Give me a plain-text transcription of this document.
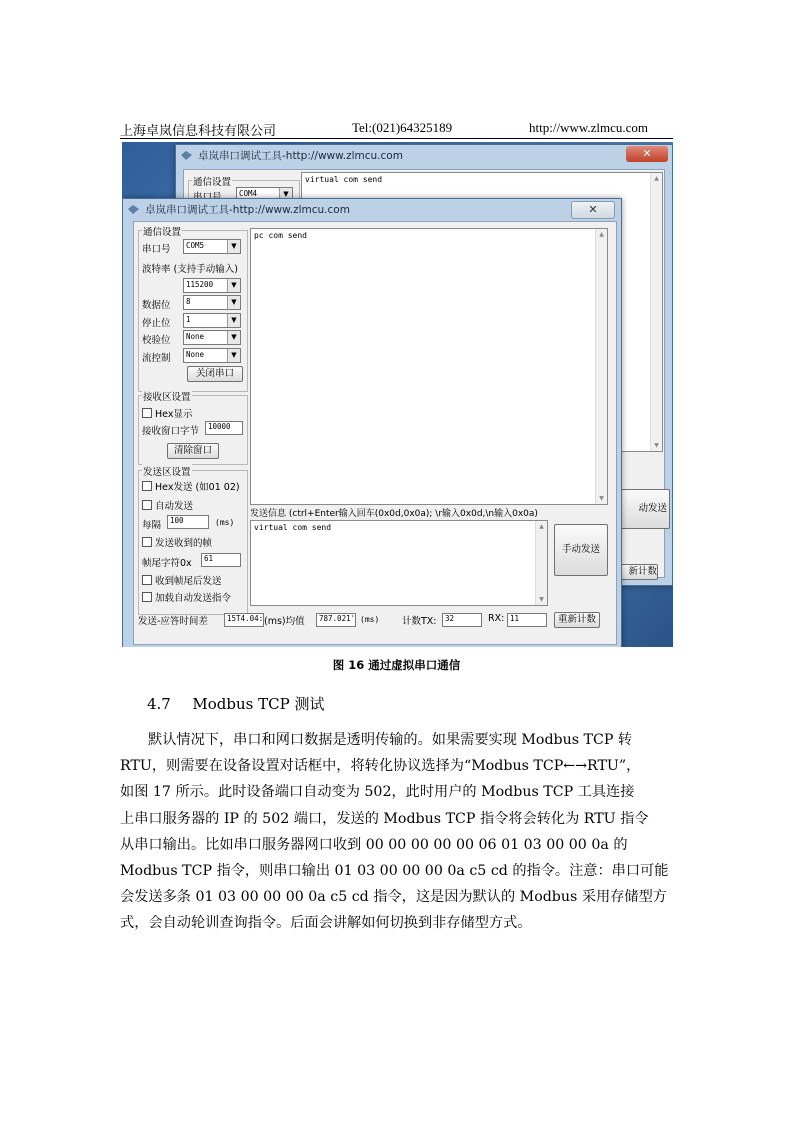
上海卓岚信息科技有限公司	Tel:(021)64325189	http://www.zlmcu.com
卓岚串口调试工具-http://www.zlmcu.com	✕
通信设置
COM4	▼
virtual com send	▲
▼
动发送
新计数
卓岚串口调试工具-http://www.zlmcu.com	✕
通信设置
串口号 COM5	▼
波特率 (支持手动输入)
115200	▼
数据位 8	▼
停止位 1	▼
校验位 None	▼
流控制 None	▼
关闭串口
接收区设置
Hex显示
接收窗口字节 10000
清除窗口
发送区设置
Hex发送 (如01 02)
自动发送
每隔 100	(ms)
发送收到的帧
帧尾字符0x 61
收到帧尾后发送
加载自动发送指令
pc com send	▲
▼
发送信息 (ctrl+Enter输入回车(0x0d,0x0a); \r输入0x0d,\n输入0x0a)
virtual com send	▲
▼
手动发送
发送-应答时间差	15T4.04: (ms)均值 787.021' (ms) 计数TX: 32	RX: 11	重新计数
图 16 通过虚拟串口通信
4.7 Modbus TCP 测试
默认情况下，串口和网口数据是透明传输的。如果需要实现 Modbus TCP 转
RTU，则需要在设备设置对话框中，将转化协议选择为“Modbus TCP←→RTU”，
如图 17 所示。此时设备端口自动变为 502，此时用户的 Modbus TCP 工具连接
上串口服务器的 IP 的 502 端口，发送的 Modbus TCP 指令将会转化为 RTU 指令
从串口输出。比如串口服务器网口收到 00 00 00 00 00 06 01 03 00 00 0a 的
Modbus TCP 指令，则串口输出 01 03 00 00 00 0a c5 cd 的指令。注意：串口可能
会发送多条 01 03 00 00 00 0a c5 cd 指令，这是因为默认的 Modbus 采用存储型方
式，会自动轮训查询指令。后面会讲解如何切换到非存储型方式。
